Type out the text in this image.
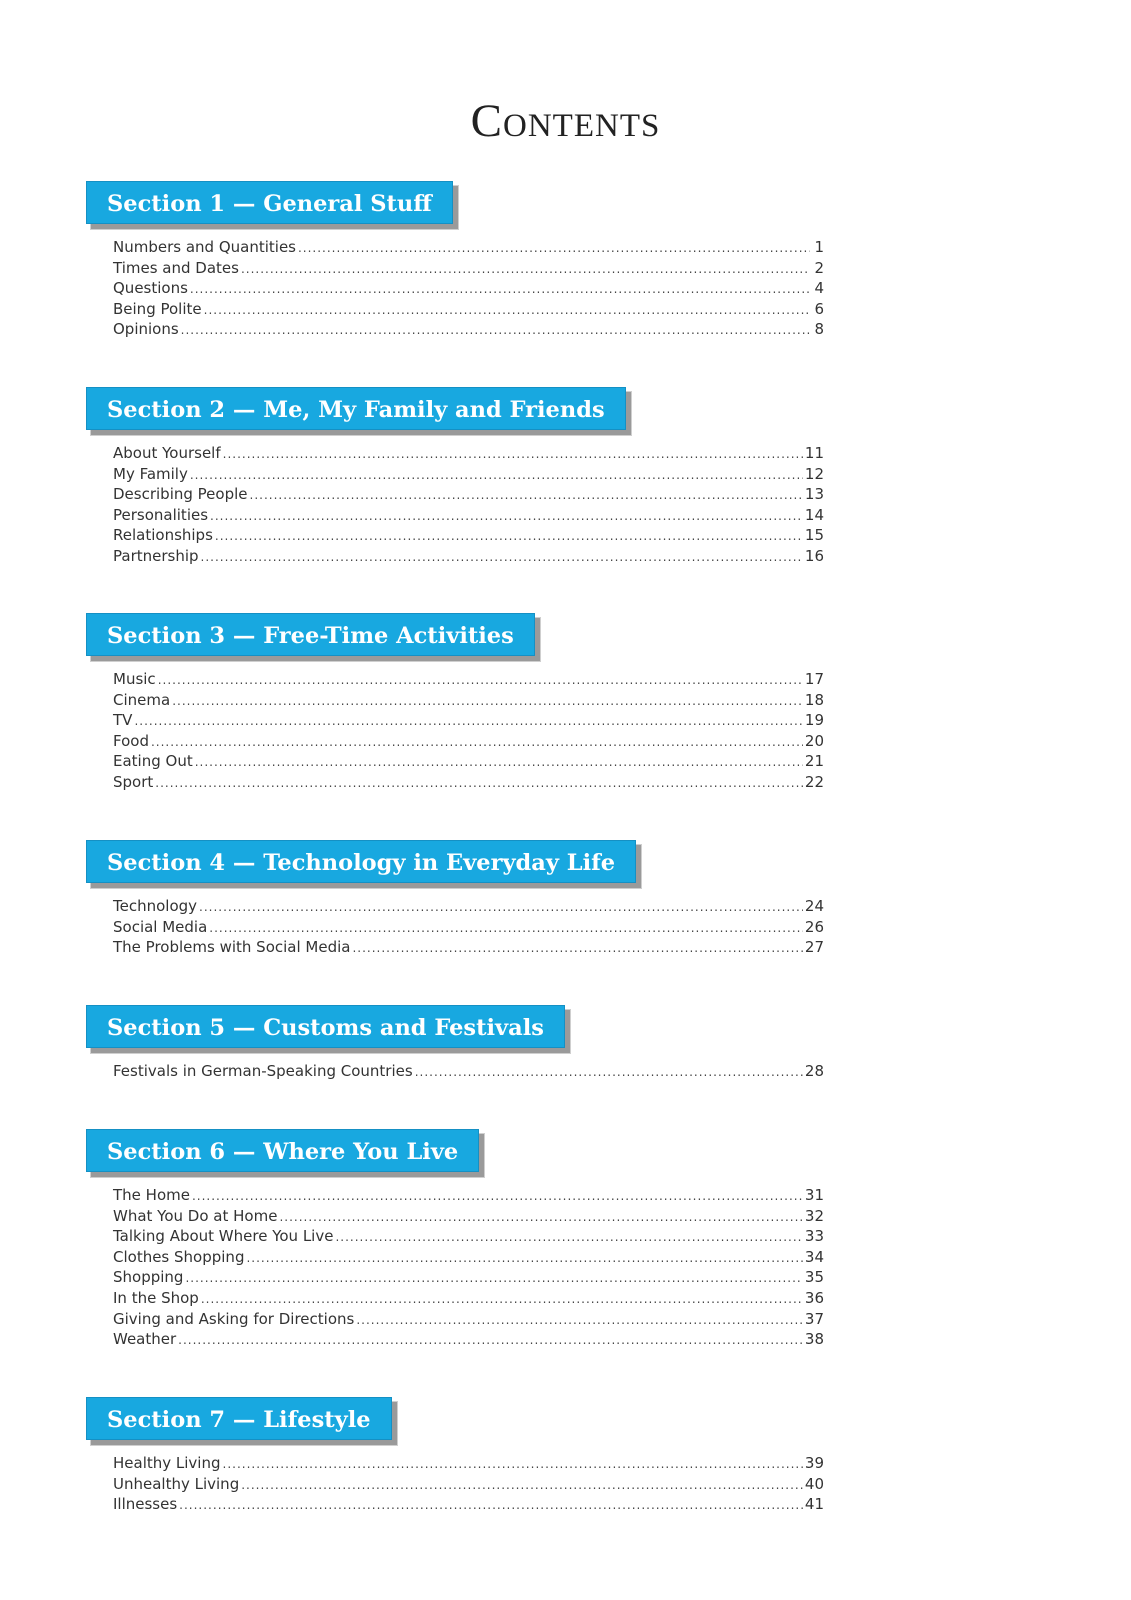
Contents
Section 1 — General Stuff
Numbers and Quantities .....	1
Times and Dates .....	2
Questions .....	4
Being Polite .....	6
Opinions .....	8
Section 2 — Me, My Family and Friends
About Yourself .....	11
My Family .....	12
Describing People .....	13
Personalities .....	14
Relationships .....	15
Partnership .....	16
Section 3 — Free-Time Activities
Music .....	17
Cinema .....	18
TV .....	19
Food .....	20
Eating Out .....	21
Sport .....	22
Section 4 — Technology in Everyday Life
Technology .....	24
Social Media .....	26
The Problems with Social Media .....	27
Section 5 — Customs and Festivals
Festivals in German-Speaking Countries .....	28
Section 6 — Where You Live
The Home .....	31
What You Do at Home .....	32
Talking About Where You Live .....	33
Clothes Shopping .....	34
Shopping .....	35
In the Shop .....	36
Giving and Asking for Directions .....	37
Weather .....	38
Section 7 — Lifestyle
Healthy Living .....	39
Unhealthy Living .....	40
Illnesses .....	41
